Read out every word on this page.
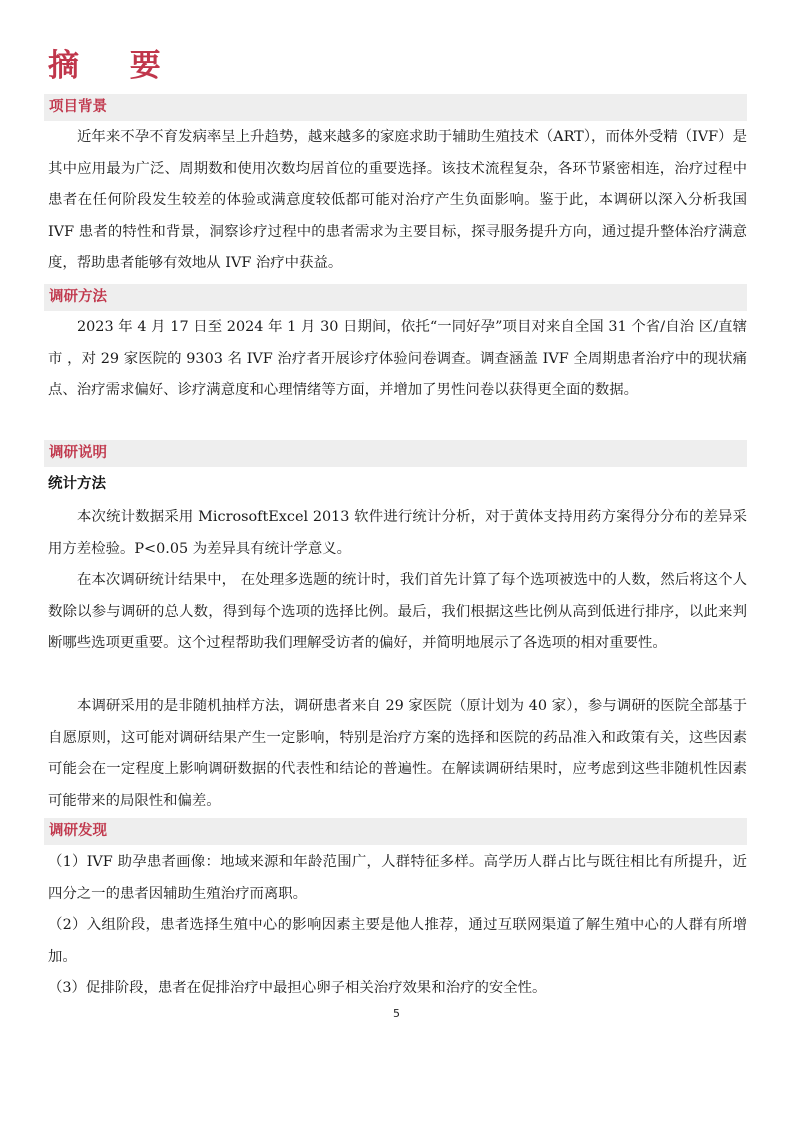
摘 要
项目背景

近年来不孕不育发病率呈上升趋势，越来越多的家庭求助于辅助生殖技术（ART），而体外受精（IVF）是其中应用最为广泛、周期数和使用次数均居首位的重要选择。该技术流程复杂，各环节紧密相连，治疗过程中患者在任何阶段发生较差的体验或满意度较低都可能对治疗产生负面影响。鉴于此，本调研以深入分析我国 IVF 患者的特性和背景，洞察诊疗过程中的患者需求为主要目标，探寻服务提升方向，通过提升整体治疗满意度，帮助患者能够有效地从 IVF 治疗中获益。

调研方法

2023 年 4 月 17 日至 2024 年 1 月 30 日期间，依托“一同好孕”项目对来自全国 31 个省/自治 区/直辖市 ，对 29 家医院的 9303 名 IVF 治疗者开展诊疗体验问卷调查。调查涵盖 IVF 全周期患者治疗中的现状痛点、治疗需求偏好、诊疗满意度和心理情绪等方面，并增加了男性问卷以获得更全面的数据。

调研说明
统计方法

本次统计数据采用 MicrosoftExcel 2013 软件进行统计分析，对于黄体支持用药方案得分分布的差异采用方差检验。P<0.05 为差异具有统计学意义。

在本次调研统计结果中， 在处理多选题的统计时，我们首先计算了每个选项被选中的人数，然后将这个人数除以参与调研的总人数，得到每个选项的选择比例。最后，我们根据这些比例从高到低进行排序，以此来判断哪些选项更重要。这个过程帮助我们理解受访者的偏好，并简明地展示了各选项的相对重要性。

本调研采用的是非随机抽样方法，调研患者来自 29 家医院（原计划为 40 家），参与调研的医院全部基于自愿原则，这可能对调研结果产生一定影响，特别是治疗方案的选择和医院的药品准入和政策有关，这些因素可能会在一定程度上影响调研数据的代表性和结论的普遍性。在解读调研结果时，应考虑到这些非随机性因素可能带来的局限性和偏差。

调研发现

（1）IVF 助孕患者画像：地域来源和年龄范围广，人群特征多样。高学历人群占比与既往相比有所提升，近四分之一的患者因辅助生殖治疗而离职。

（2）入组阶段，患者选择生殖中心的影响因素主要是他人推荐，通过互联网渠道了解生殖中心的人群有所增加。

（3）促排阶段，患者在促排治疗中最担心卵子相关治疗效果和治疗的安全性。

5
